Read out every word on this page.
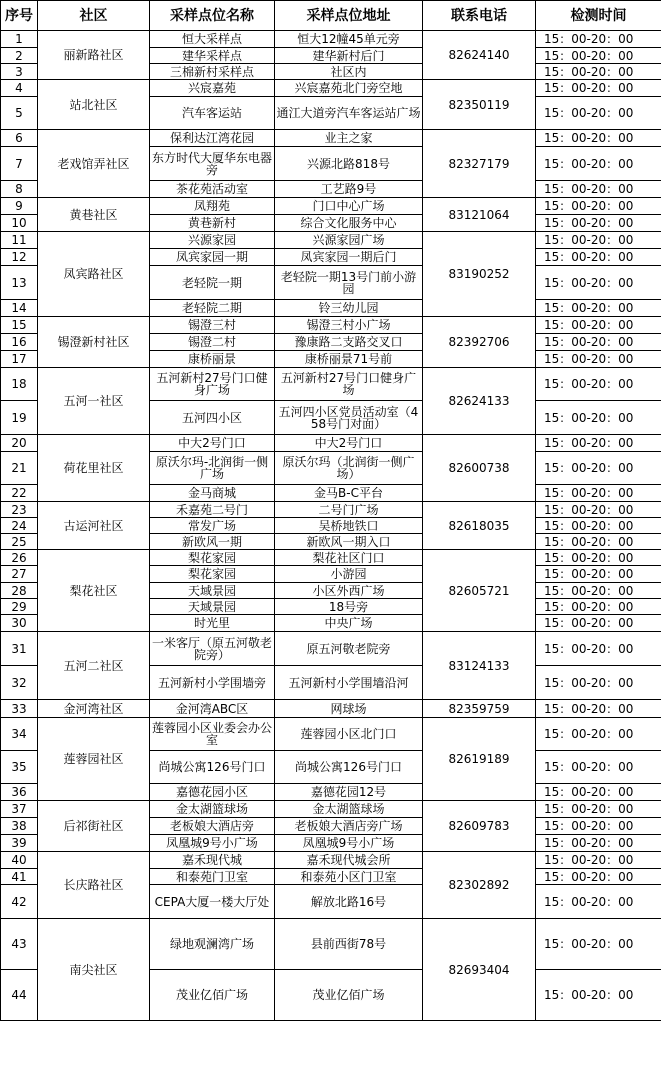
序号	社区	采样点位名称	采样点位地址	联系电话	检测时间
1	丽新路社区	恒大采样点	恒大12幢45单元旁	82624140	15：00-20：00
2		建华采样点	建华新村后门		15：00-20：00
3		三棉新村采样点	社区内		15：00-20：00
4	站北社区	兴宸嘉苑	兴宸嘉苑北门旁空地	82350119	15：00-20：00
5		汽车客运站	通江大道旁汽车客运站广场		15：00-20：00
6	老戏馆弄社区	保利达江湾花园	业主之家	82327179	15：00-20：00
7		东方时代大厦华东电器旁	兴源北路818号		15：00-20：00
8		茶花苑活动室	工艺路9号		15：00-20：00
9	黄巷社区	凤翔苑	门口中心广场	83121064	15：00-20：00
10		黄巷新村	综合文化服务中心		15：00-20：00
11	凤宾路社区	兴源家园	兴源家园广场	83190252	15：00-20：00
12		凤宾家园一期	凤宾家园一期后门		15：00-20：00
13		老轻院一期	老轻院一期13号门前小游园		15：00-20：00
14		老轻院二期	铃三幼儿园		15：00-20：00
15	锡澄新村社区	锡澄三村	锡澄三村小广场	82392706	15：00-20：00
16		锡澄二村	豫康路二支路交叉口		15：00-20：00
17		康桥丽景	康桥丽景71号前		15：00-20：00
18	五河一社区	五河新村27号门口健身广场	五河新村27号门口健身广场	82624133	15：00-20：00
19		五河四小区	五河四小区党员活动室（458号门对面）		15：00-20：00
20	荷花里社区	中大2号门口	中大2号门口	82600738	15：00-20：00
21		原沃尔玛-北润街一侧广场	原沃尔玛（北润街一侧广场）		15：00-20：00
22		金马商城	金马B-C平台		15：00-20：00
23	古运河社区	禾嘉苑二号门	二号门广场	82618035	15：00-20：00
24		常发广场	吴桥地铁口		15：00-20：00
25		新欧风一期	新欧风一期入口		15：00-20：00
26	梨花社区	梨花家园	梨花社区门口	82605721	15：00-20：00
27		梨花家园	小游园		15：00-20：00
28		天域景园	小区外西广场		15：00-20：00
29		天域景园	18号旁		15：00-20：00
30		时光里	中央广场		15：00-20：00
31	五河二社区	一米客厅（原五河敬老院旁）	原五河敬老院旁	83124133	15：00-20：00
32		五河新村小学围墙旁	五河新村小学围墙沿河		15：00-20：00
33	金河湾社区	金河湾ABC区	网球场	82359759	15：00-20：00
34	莲蓉园社区	莲蓉园小区业委会办公室	莲蓉园小区北门口	82619189	15：00-20：00
35		尚城公寓126号门口	尚城公寓126号门口		15：00-20：00
36		嘉德花园小区	嘉德花园12号		15：00-20：00
37	后祁街社区	金太湖篮球场	金太湖篮球场	82609783	15：00-20：00
38		老板娘大酒店旁	老板娘大酒店旁广场		15：00-20：00
39		凤凰城9号小广场	凤凰城9号小广场		15：00-20：00
40	长庆路社区	嘉禾现代城	嘉禾现代城会所	82302892	15：00-20：00
41		和泰苑门卫室	和泰苑小区门卫室		15：00-20：00
42		CEPA大厦一楼大厅处	解放北路16号		15：00-20：00
43	南尖社区	绿地观澜湾广场	县前西街78号	82693404	15：00-20：00
44		茂业亿佰广场	茂业亿佰广场		15：00-20：00
